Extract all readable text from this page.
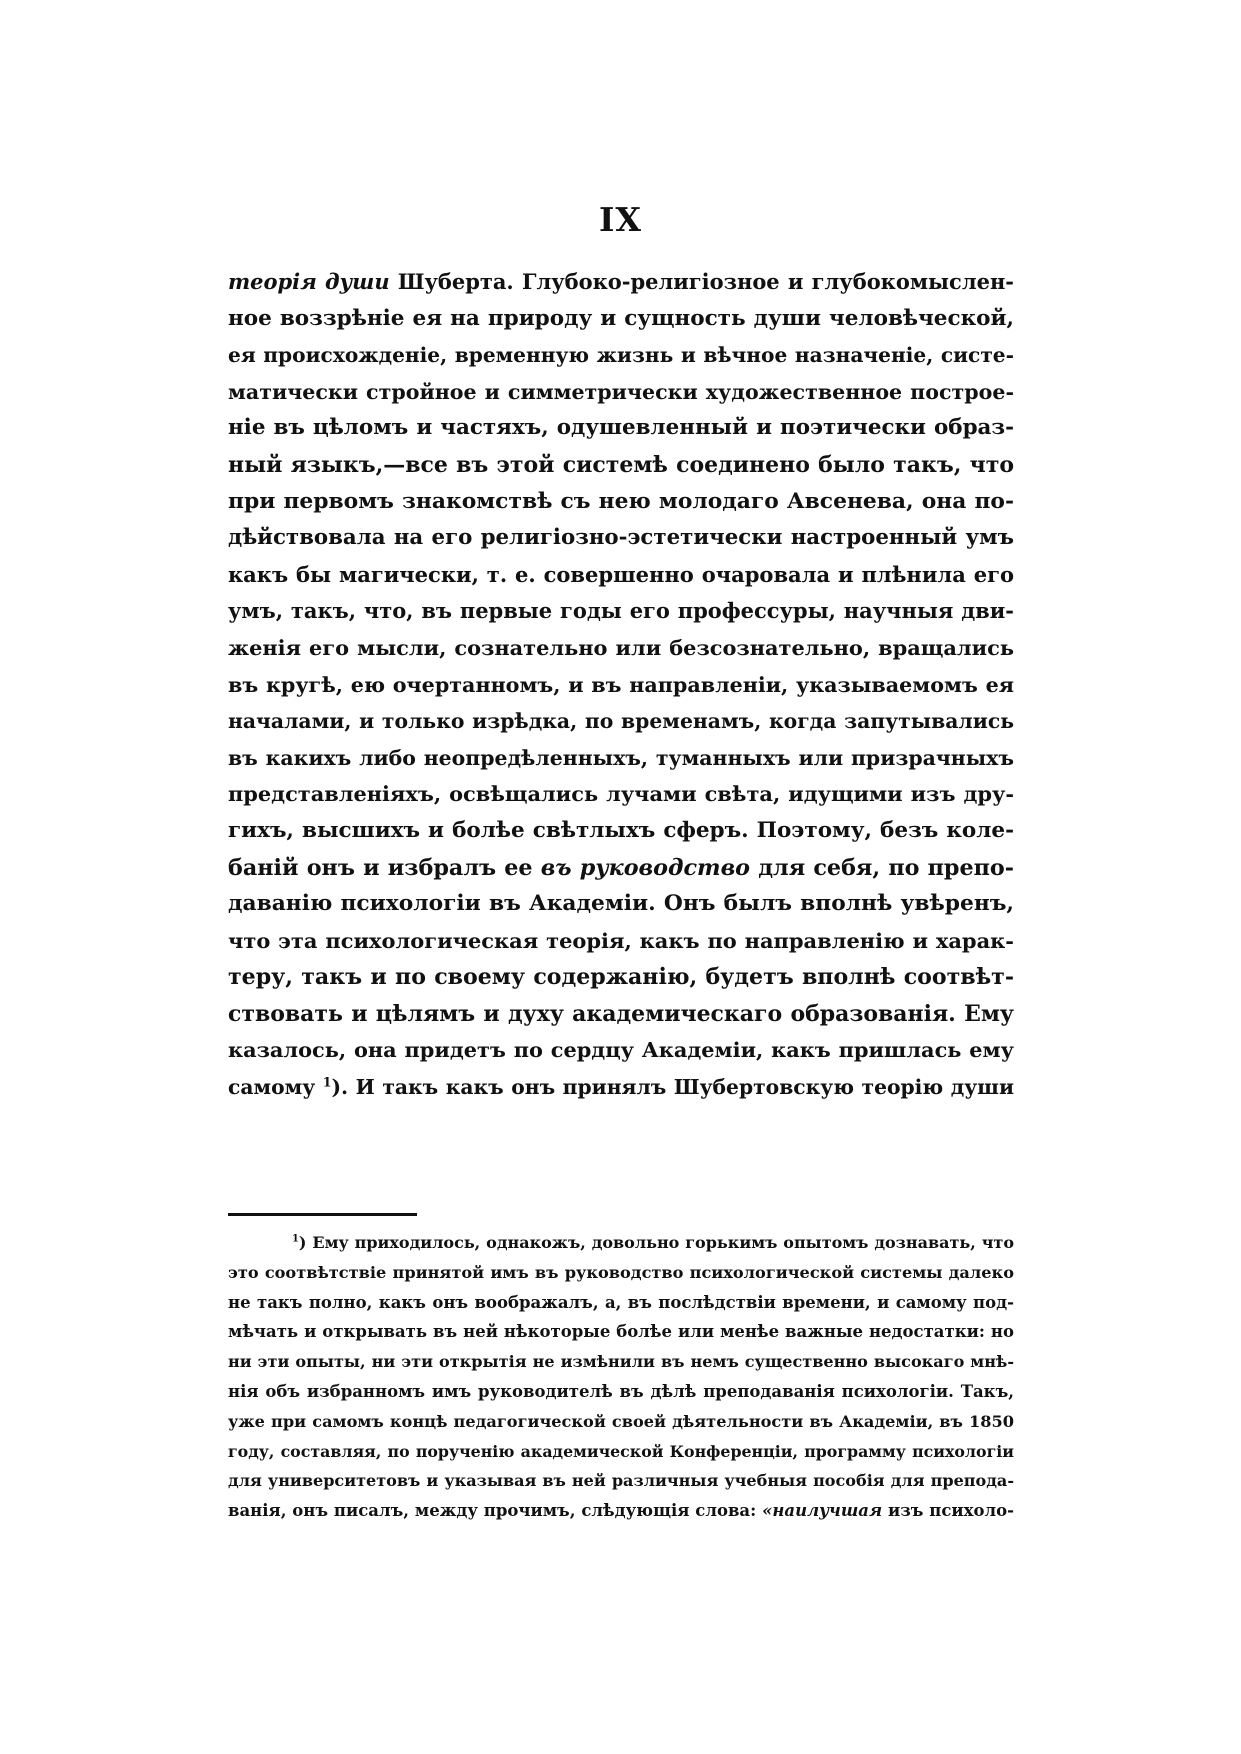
IX
теорія души Шуберта. Глубоко-религіозное и глубокомыслен-
ное воззрѣніе ея на природу и сущность души человѣческой,
ея происхожденіе, временную жизнь и вѣчное назначеніе, систе-
матически стройное и симметрически художественное построе-
ніе въ цѣломъ и частяхъ, одушевленный и поэтически образ-
ный языкъ,—все въ этой системѣ соединено было такъ, что
при первомъ знакомствѣ съ нею молодаго Авсенева, она по-
дѣйствовала на его религіозно-эстетически настроенный умъ
какъ бы магически, т. е. совершенно очаровала и плѣнила его
умъ, такъ, что, въ первые годы его профессуры, научныя дви-
женія его мысли, сознательно или безсознательно, вращались
въ кругѣ, ею очертанномъ, и въ направленіи, указываемомъ ея
началами, и только изрѣдка, по временамъ, когда запутывались
въ какихъ либо неопредѣленныхъ, туманныхъ или призрачныхъ
представленіяхъ, освѣщались лучами свѣта, идущими изъ дру-
гихъ, высшихъ и болѣе свѣтлыхъ сферъ. Поэтому, безъ коле-
баній онъ и избралъ ее въ руководство для себя, по препо-
даванію психологіи въ Академіи. Онъ былъ вполнѣ увѣренъ,
что эта психологическая теорія, какъ по направленію и харак-
теру, такъ и по своему содержанію, будетъ вполнѣ соотвѣт-
ствовать и цѣлямъ и духу академическаго образованія. Ему
казалось, она придетъ по сердцу Академіи, какъ пришлась ему
самому $^1$). И такъ какъ онъ принялъ Шубертовскую теорію души
$^1$) Ему приходилось, однакожъ, довольно горькимъ опытомъ дознавать, что
это соотвѣтствіе принятой имъ въ руководство психологической системы далеко
не такъ полно, какъ онъ воображалъ, а, въ послѣдствіи времени, и самому под-
мѣчать и открывать въ ней нѣкоторые болѣе или менѣе важные недостатки: но
ни эти опыты, ни эти открытія не измѣнили въ немъ существенно высокаго мнѣ-
нія объ избранномъ имъ руководителѣ въ дѣлѣ преподаванія психологіи. Такъ,
уже при самомъ концѣ педагогической своей дѣятельности въ Академіи, въ 1850
году, составляя, по порученію академической Конференціи, программу психологіи
для университетовъ и указывая въ ней различныя учебныя пособія для препода-
ванія, онъ писалъ, между прочимъ, слѣдующія слова: «наилучшая изъ психоло-
